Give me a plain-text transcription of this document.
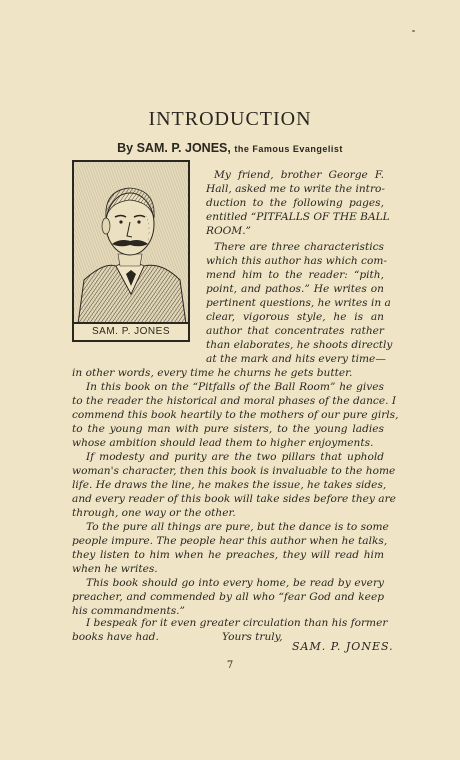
INTRODUCTION
By SAM. P. JONES, the Famous Evangelist
SAM. P. JONES
My friend, brother George F.
Hall, asked me to write the intro-
duction to the following pages,
entitled “PITFALLS OF THE BALL
ROOM.”
There are three characteristics
which this author has which com-
mend him to the reader: “pith,
point, and pathos.” He writes on
pertinent questions, he writes in a
clear, vigorous style, he is an
author that concentrates rather
than elaborates, he shoots directly
at the mark and hits every time—
in other words, every time he churns he gets butter.
In this book on the “Pitfalls of the Ball Room” he gives
to the reader the historical and moral phases of the dance. I
commend this book heartily to the mothers of our pure girls,
to the young man with pure sisters, to the young ladies
whose ambition should lead them to higher enjoyments.
If modesty and purity are the two pillars that uphold
woman's character, then this book is invaluable to the home
life. He draws the line, he makes the issue, he takes sides,
and every reader of this book will take sides before they are
through, one way or the other.
To the pure all things are pure, but the dance is to some
people impure. The people hear this author when he talks,
they listen to him when he preaches, they will read him
when he writes.
This book should go into every home, be read by every
preacher, and commended by all who “fear God and keep
his commandments.”
I bespeak for it even greater circulation than his former
books have had.	Yours truly,
SAM. P. JONES.
7
